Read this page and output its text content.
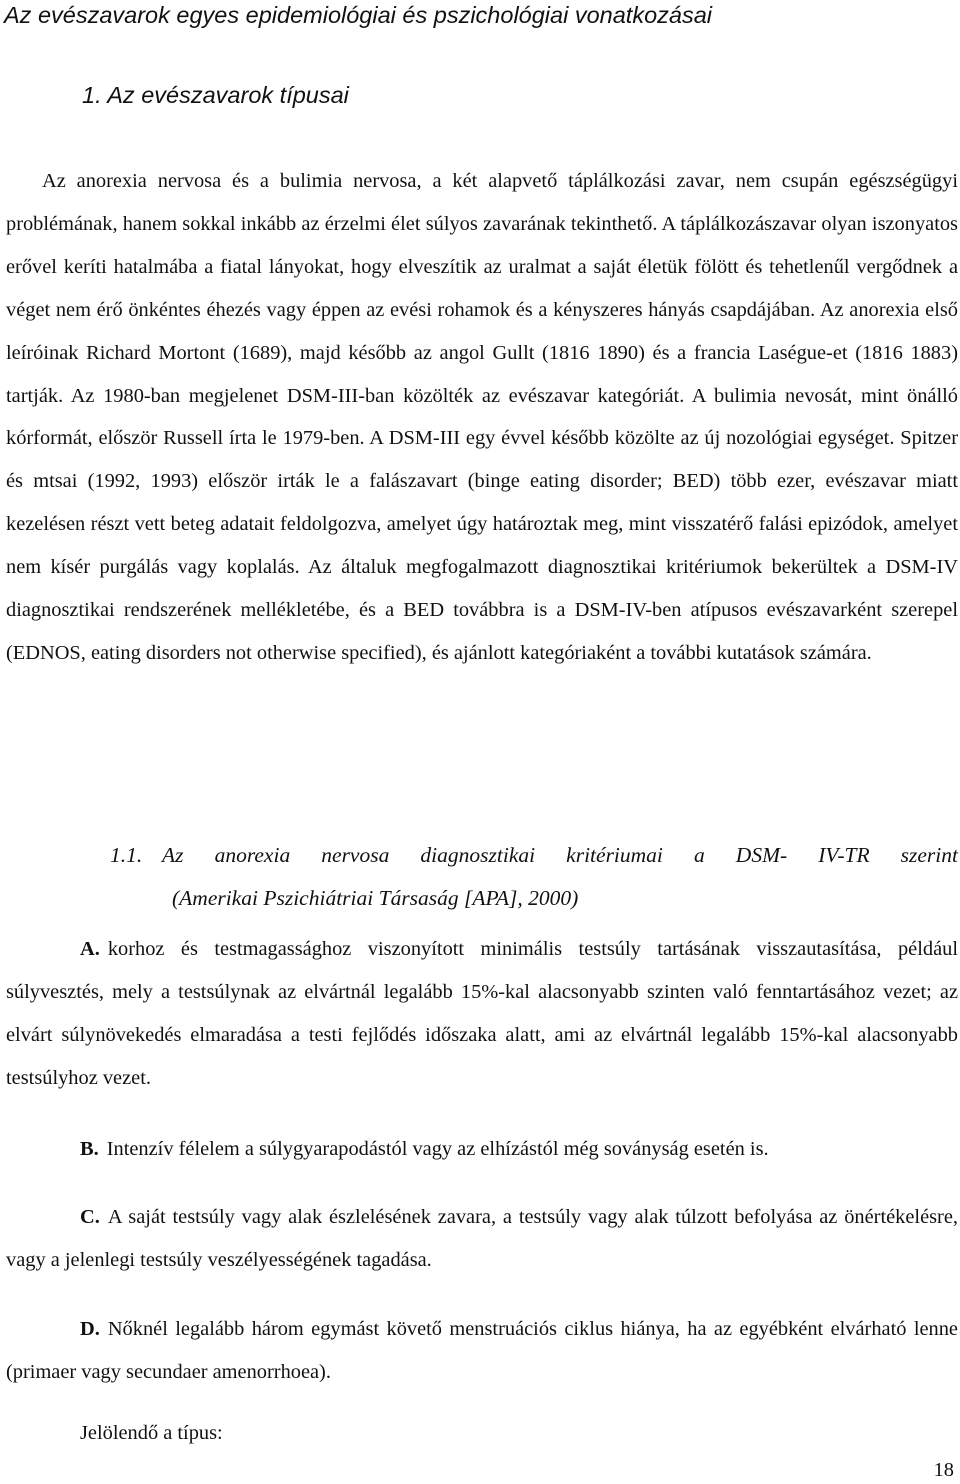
Az evészavarok egyes epidemiológiai és pszichológiai vonatkozásai
1. Az evészavarok típusai

Az anorexia nervosa és a bulimia nervosa, a két alapvető táplálkozási zavar, nem csupán egészségügyi problémának, hanem sokkal inkább az érzelmi élet súlyos zavarának tekinthető. A táplálkozászavar olyan iszonyatos erővel keríti hatalmába a fiatal lányokat, hogy elveszítik az uralmat a saját életük fölött és tehetlenűl vergődnek a véget nem érő önkéntes éhezés vagy éppen az evési rohamok és a kényszeres hányás csapdájában. Az anorexia első leíróinak Richard Mortont (1689), majd később az angol Gullt (1816 1890) és a francia Laségue-et (1816 1883) tartják. Az 1980-ban megjelenet DSM-III-ban közölték az evészavar kategóriát. A bulimia nevosát, mint önálló kórformát, először Russell írta le 1979-ben. A DSM-III egy évvel később közölte az új nozológiai egységet. Spitzer és mtsai (1992, 1993) először irták le a falászavart (binge eating disorder; BED) több ezer, evészavar miatt kezelésen részt vett beteg adatait feldolgozva, amelyet úgy határoztak meg, mint visszatérő falási epizódok, amelyet nem kísér purgálás vagy koplalás. Az általuk megfogalmazott diagnosztikai kritériumok bekerültek a DSM-IV diagnosztikai rendszerének mellékletébe, és a BED továbbra is a DSM-IV-ben atípusos evészavarként szerepel (EDNOS, eating disorders not otherwise specified), és ajánlott kategóriaként a további kutatások számára.

1.1. Az anorexia nervosa diagnosztikai kritériumai a DSM- IV-TR szerint
(Amerikai Pszichiátriai Társaság [APA], 2000)

A. korhoz és testmagassághoz viszonyított minimális testsúly tartásának visszautasítása, például súlyvesztés, mely a testsúlynak az elvártnál legalább 15%-kal alacsonyabb szinten való fenntartásához vezet; az elvárt súlynövekedés elmaradása a testi fejlődés időszaka alatt, ami az elvártnál legalább 15%-kal alacsonyabb testsúlyhoz vezet.

B. Intenzív félelem a súlygyarapodástól vagy az elhízástól még soványság esetén is.

C. A saját testsúly vagy alak észlelésének zavara, a testsúly vagy alak túlzott befolyása az önértékelésre, vagy a jelenlegi testsúly veszélyességének tagadása.

D. Nőknél legalább három egymást követő menstruációs ciklus hiánya, ha az egyébként elvárható lenne (primaer vagy secundaer amenorrhoea).

Jelölendő a típus:
18
